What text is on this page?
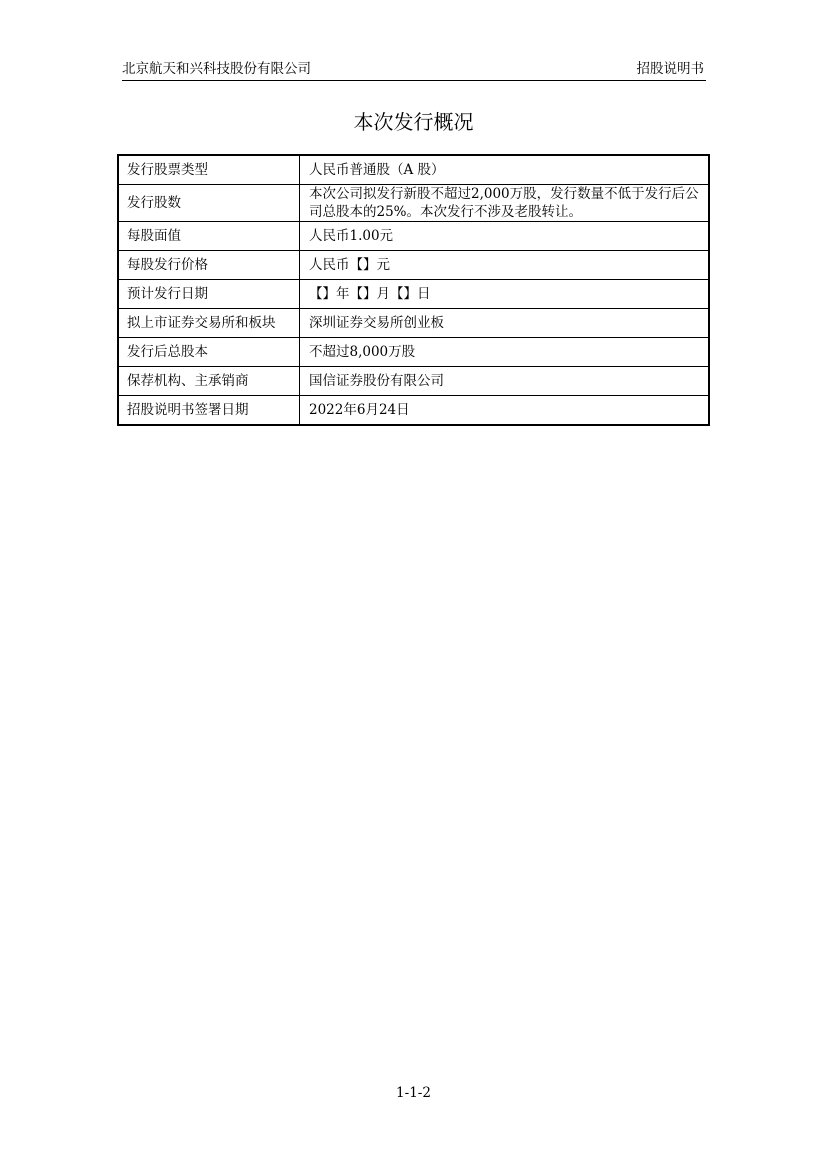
北京航天和兴科技股份有限公司	招股说明书
本次发行概况
发行股票类型	人民币普通股（A 股）
发行股数	本次公司拟发行新股不超过2,000万股，发行数量不低于发行后公司总股本的25%。本次发行不涉及老股转让。
每股面值	人民币1.00元
每股发行价格	人民币【】元
预计发行日期	【】年【】月【】日
拟上市证券交易所和板块	深圳证券交易所创业板
发行后总股本	不超过8,000万股
保荐机构、主承销商	国信证券股份有限公司
招股说明书签署日期	2022年6月24日
1-1-2
